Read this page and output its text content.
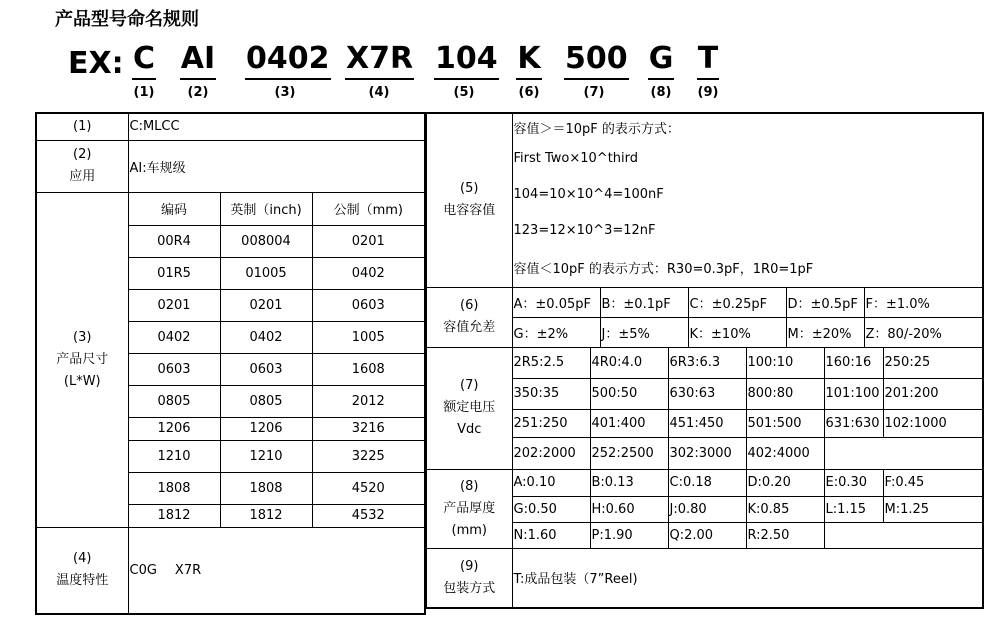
产品型号命名规则
EX: C
(1)
AI
(2)
0402
(3)
X7R
(4)
104
(5)
K
(6)
500
(7)
G
(8)
T
(9)
(1)	C:MLCC		

(2)
应用	AI:车规级		

(3)
产品尺寸
(L*W)	编码	英制（inch)	公制（mm)
	00R4	008004	0201
	01R5	01005	0402
	0201	0201	0603
	0402	0402	1005
	0603	0603	1608
	0805	0805	2012
	1206	1206	3216
	1210	1210	3225
	1808	1808	4520
	1812	1812	4532

(4)
温度特性	C0G X7R		
(5)
电容容值	容值＞＝10pF 的表示方式：									
	First Two×10^third									
	104=10×10^4=100nF									
	123=12×10^3=12nF									
	容值＜10pF 的表示方式：R30=0.3pF，1R0=1pF									

(6)
容值允差	A：±0.05pF		B：±0.1pF		C：±0.25pF		D：±0.5pF		F：±1.0%	
	G：±2%		J：±5%		K：±10%		M：±20%		Z：80/-20%	

(7)
额定电压
Vdc	2R5:2.5	4R0:4.0		6R3:6.3		100:10		160:16		250:25
	350:35	500:50		630:63		800:80		101:100		201:200
	251:250	401:400		451:450		501:500		631:630		102:1000
	202:2000	252:2500		302:3000		402:4000				

(8)
产品厚度
(mm)	A:0.10	B:0.13		C:0.18		D:0.20		E:0.30		F:0.45
	G:0.50	H:0.60		J:0.80		K:0.85		L:1.15		M:1.25
	N:1.60	P:1.90		Q:2.00		R:2.50				

(9)
包装方式	T:成品包装（7”Reel)									
